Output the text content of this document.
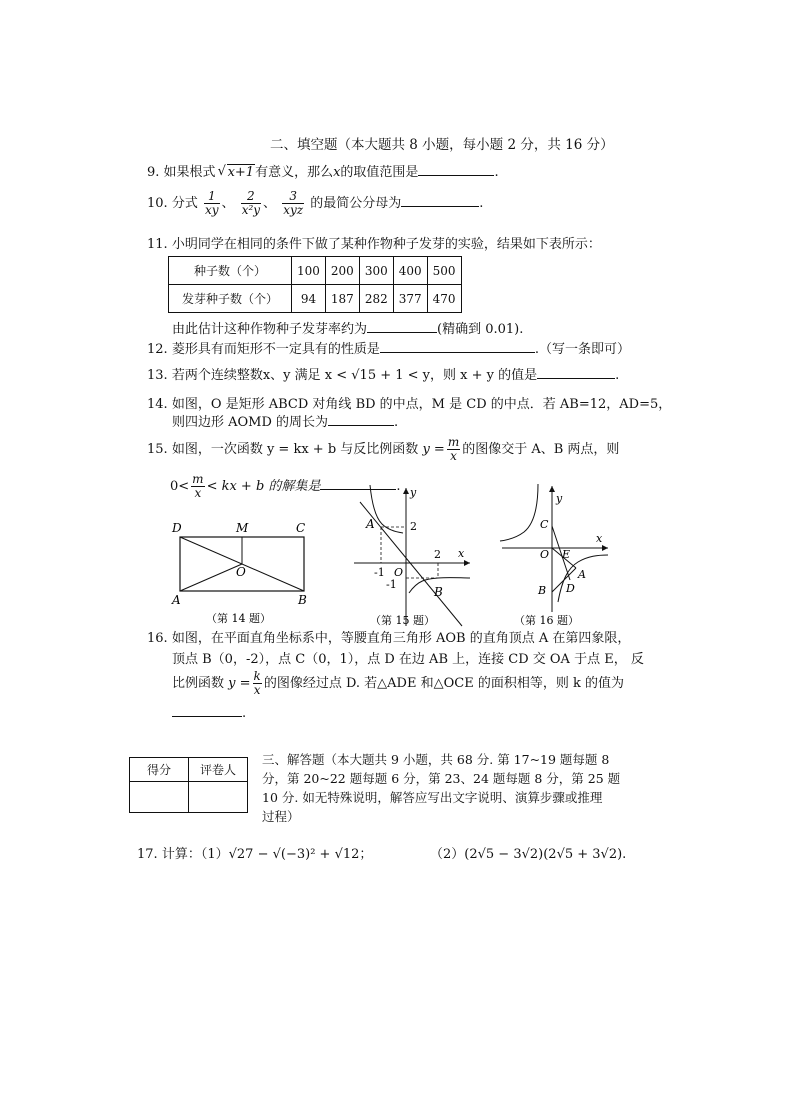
二、填空题（本大题共 8 小题，每小题 2 分，共 16 分）
9. 如果根式 √ x+1有意义，那么x的取值范围是	.
10. 分式 $\frac{1}{xy}$ 、 $\frac{2}{\text{x²y}}$ 、 $\frac{3}{\text{xyz}}$ 的最简公分母为	.
11. 小明同学在相同的条件下做了某种作物种子发芽的实验，结果如下表所示：
种子数（个）	100	200	300	400	500
发芽种子数（个）	94	187	282	377	470
由此估计这种作物种子发芽率约为	(精确到 0.01).
12. 菱形具有而矩形不一定具有的性质是	.（写一条即可）
13. 若两个连续整数x、y 满足 x < √15 + 1 < y，则 x + y 的值是	.
14. 如图，O 是矩形 ABCD 对角线 BD 的中点，M 是 CD 的中点．若 AB=12，AD=5，
则四边形 AOMD 的周长为	.
15. 如图，一次函数 y = kx + b 与反比例函数 $y = \frac{m}{x}$ 的图像交于 A、B 两点，则
$0< \frac{m}{x}$ < kx + b 的解集是	.
D	M	C
O
A	B
（第 14 题）
x
y
A
B
2
2
-1 O
-1
（第 15 题）
x
y
C
O E
A
B D
（第 16 题）
16. 如图，在平面直角坐标系中，等腰直角三角形 AOB 的直角顶点 A 在第四象限，
顶点 B（0，-2），点 C（0，1），点 D 在边 AB 上，连接 CD 交 OA 于点 E， 反
比例函数 $y = \frac{k}{x}$ 的图像经过点 D. 若△ADE 和△OCE 的面积相等，则 k 的值为
.
得分	评卷人

三、解答题（本大题共 9 小题，共 68 分. 第 17~19 题每题 8
分，第 20~22 题每题 6 分，第 23、24 题每题 8 分，第 25 题
10 分. 如无特殊说明，解答应写出文字说明、演算步骤或推理
过程）
17. 计算：（1）√27 − √(−3)² + √12；	（2）(2√5 − 3√2)(2√5 + 3√2).
